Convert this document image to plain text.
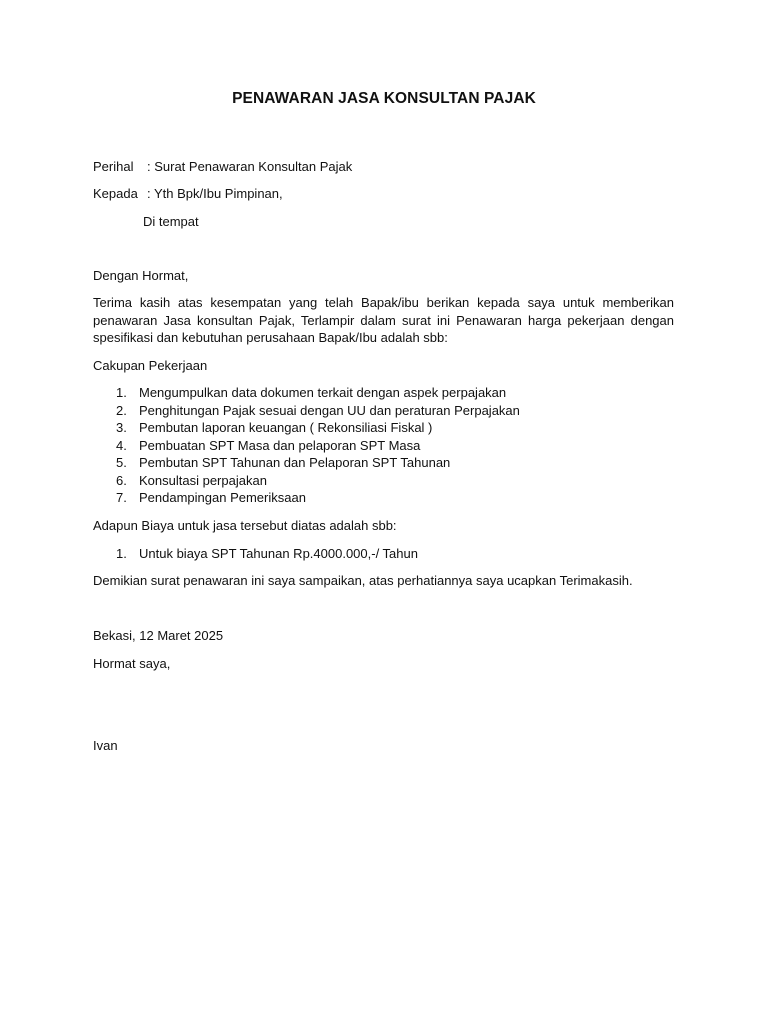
PENAWARAN JASA KONSULTAN PAJAK
Perihal : Surat Penawaran Konsultan Pajak
Kepada : Yth Bpk/Ibu Pimpinan,
Di tempat
Dengan Hormat,
Terima kasih atas kesempatan yang telah Bapak/ibu berikan kepada saya untuk memberikan
penawaran Jasa konsultan Pajak, Terlampir dalam surat ini Penawaran harga pekerjaan dengan
spesifikasi dan kebutuhan perusahaan Bapak/Ibu adalah sbb:
Cakupan Pekerjaan
1. Mengumpulkan data dokumen terkait dengan aspek perpajakan
2. Penghitungan Pajak sesuai dengan UU dan peraturan Perpajakan
3. Pembutan laporan keuangan ( Rekonsiliasi Fiskal )
4. Pembuatan SPT Masa dan pelaporan SPT Masa
5. Pembutan SPT Tahunan dan Pelaporan SPT Tahunan
6. Konsultasi perpajakan
7. Pendampingan Pemeriksaan
Adapun Biaya untuk jasa tersebut diatas adalah sbb:
1. Untuk biaya SPT Tahunan Rp.4000.000,-/ Tahun
Demikian surat penawaran ini saya sampaikan, atas perhatiannya saya ucapkan Terimakasih.
Bekasi, 12 Maret 2025
Hormat saya,
Ivan
